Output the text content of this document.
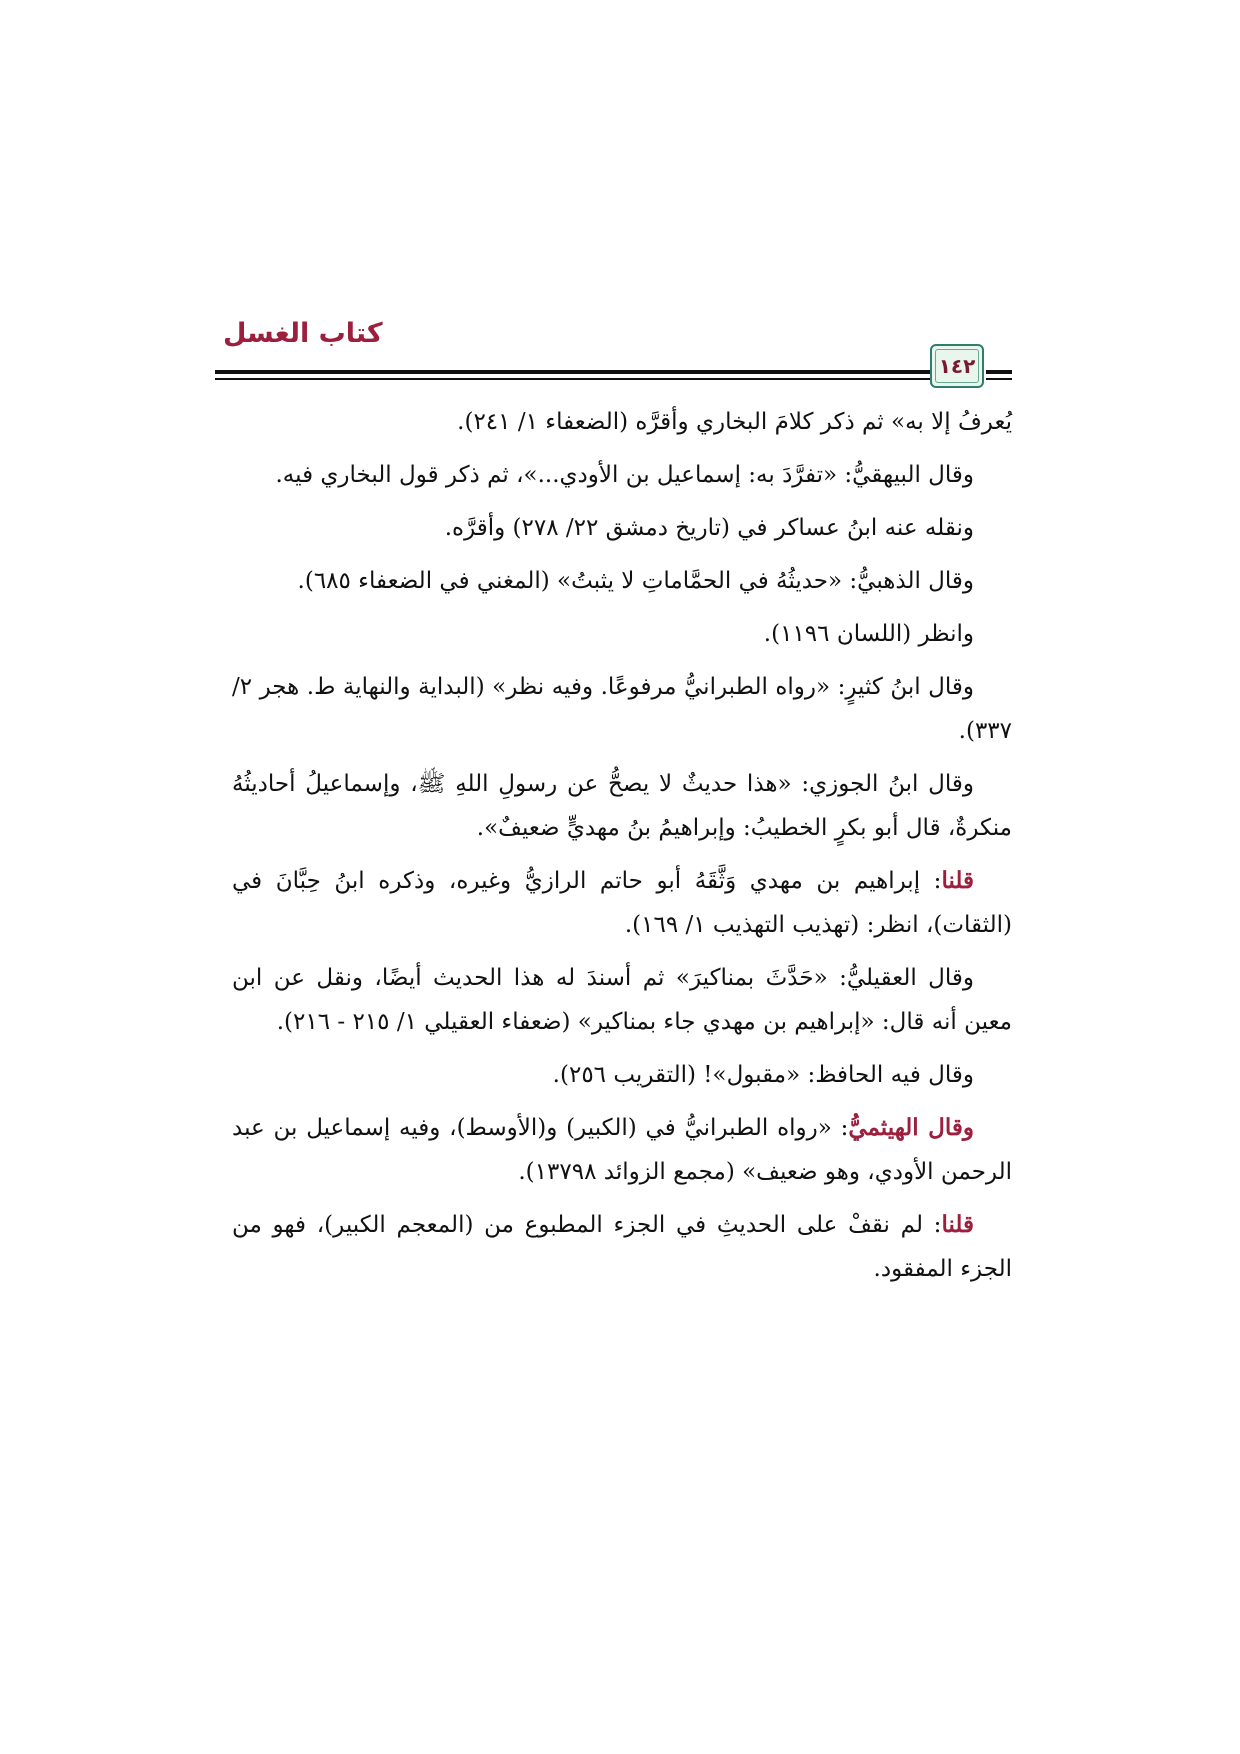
كتاب الغسل
١٤٢

يُعرفُ إلا به» ثم ذكر كلامَ البخاري وأقرَّه (الضعفاء ١/ ٢٤١).

وقال البيهقيُّ: «تفرَّدَ به: إسماعيل بن الأودي...»، ثم ذكر قول البخاري فيه.

ونقله عنه ابنُ عساكر في (تاريخ دمشق ٢٢/ ٢٧٨) وأقرَّه.

وقال الذهبيُّ: «حديثُهُ في الحمَّاماتِ لا يثبتُ» (المغني في الضعفاء ٦٨٥).

وانظر (اللسان ١١٩٦).

وقال ابنُ كثيرٍ: «رواه الطبرانيُّ مرفوعًا. وفيه نظر» (البداية والنهاية ط. هجر ٢/ ٣٣٧).

وقال ابنُ الجوزي: «هذا حديثٌ لا يصحُّ عن رسولِ اللهِ ﷺ، وإسماعيلُ أحاديثُهُ منكرةٌ، قال أبو بكرٍ الخطيبُ: وإبراهيمُ بنُ مهديٍّ ضعيفٌ».

قلنا: إبراهيم بن مهدي وَثَّقَهُ أبو حاتم الرازيُّ وغيره، وذكره ابنُ حِبَّانَ في (الثقات)، انظر: (تهذيب التهذيب ١/ ١٦٩).

وقال العقيليُّ: «حَدَّثَ بمناكيرَ» ثم أسندَ له هذا الحديث أيضًا، ونقل عن ابن معين أنه قال: «إبراهيم بن مهدي جاء بمناكير» (ضعفاء العقيلي ١/ ٢١٥ - ٢١٦).

وقال فيه الحافظ: «مقبول»! (التقريب ٢٥٦).

وقال الهيثميُّ: «رواه الطبرانيُّ في (الكبير) و(الأوسط)، وفيه إسماعيل بن عبد الرحمن الأودي، وهو ضعيف» (مجمع الزوائد ١٣٧٩٨).

قلنا: لم نقفْ على الحديثِ في الجزء المطبوع من (المعجم الكبير)، فهو من الجزء المفقود.
